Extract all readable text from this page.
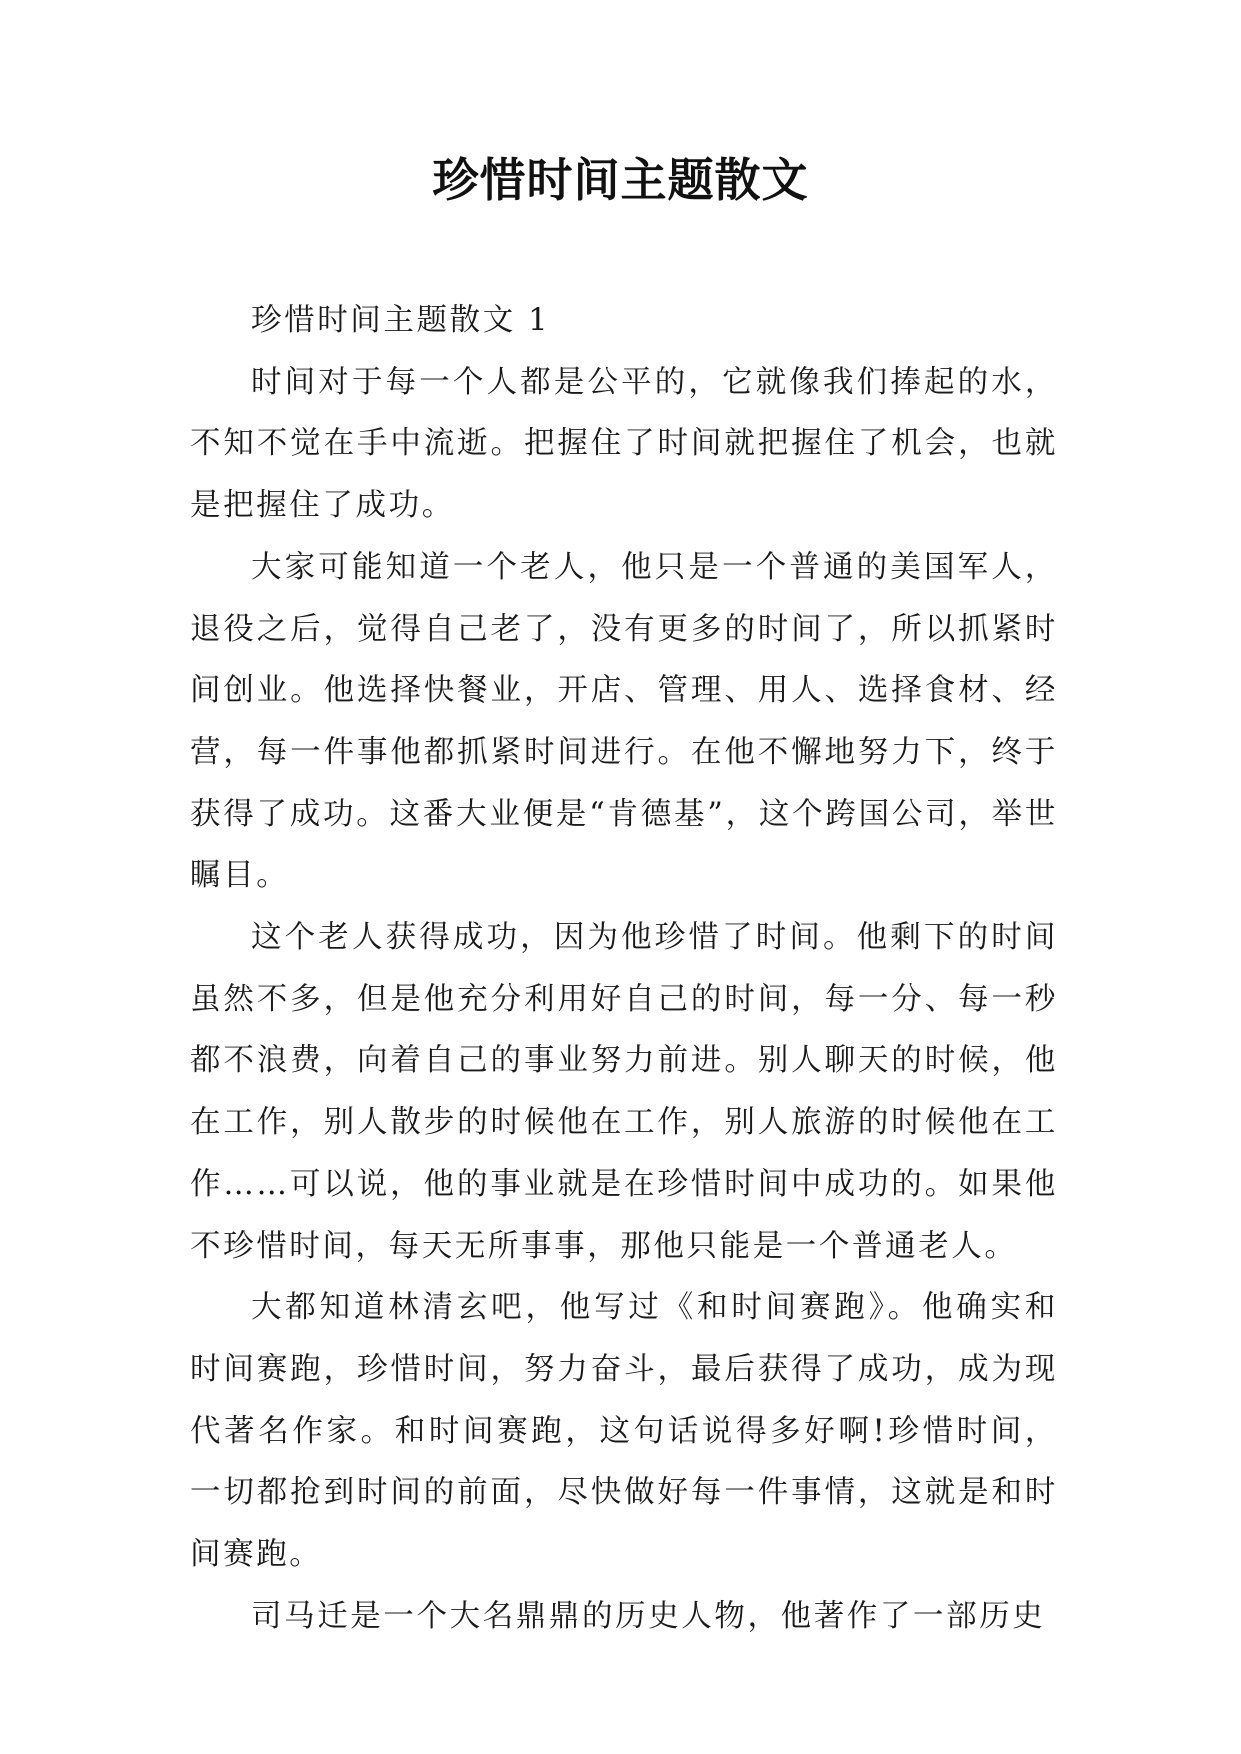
珍惜时间主题散文

珍惜时间主题散文 1

时间对于每一个人都是公平的，它就像我们捧起的水，不知不觉在手中流逝。把握住了时间就把握住了机会，也就是把握住了成功。

大家可能知道一个老人，他只是一个普通的美国军人，退役之后，觉得自己老了，没有更多的时间了，所以抓紧时间创业。他选择快餐业，开店、管理、用人、选择食材、经营，每一件事他都抓紧时间进行。在他不懈地努力下，终于获得了成功。这番大业便是“肯德基”，这个跨国公司，举世瞩目。

这个老人获得成功，因为他珍惜了时间。他剩下的时间虽然不多，但是他充分利用好自己的时间，每一分、每一秒都不浪费，向着自己的事业努力前进。别人聊天的时候，他在工作，别人散步的时候他在工作，别人旅游的时候他在工作……可以说，他的事业就是在珍惜时间中成功的。如果他不珍惜时间，每天无所事事，那他只能是一个普通老人。

大都知道林清玄吧，他写过《和时间赛跑》。他确实和时间赛跑，珍惜时间，努力奋斗，最后获得了成功，成为现代著名作家。和时间赛跑，这句话说得多好啊!珍惜时间，一切都抢到时间的前面，尽快做好每一件事情，这就是和时间赛跑。

司马迁是一个大名鼎鼎的历史人物，他著作了一部历史
